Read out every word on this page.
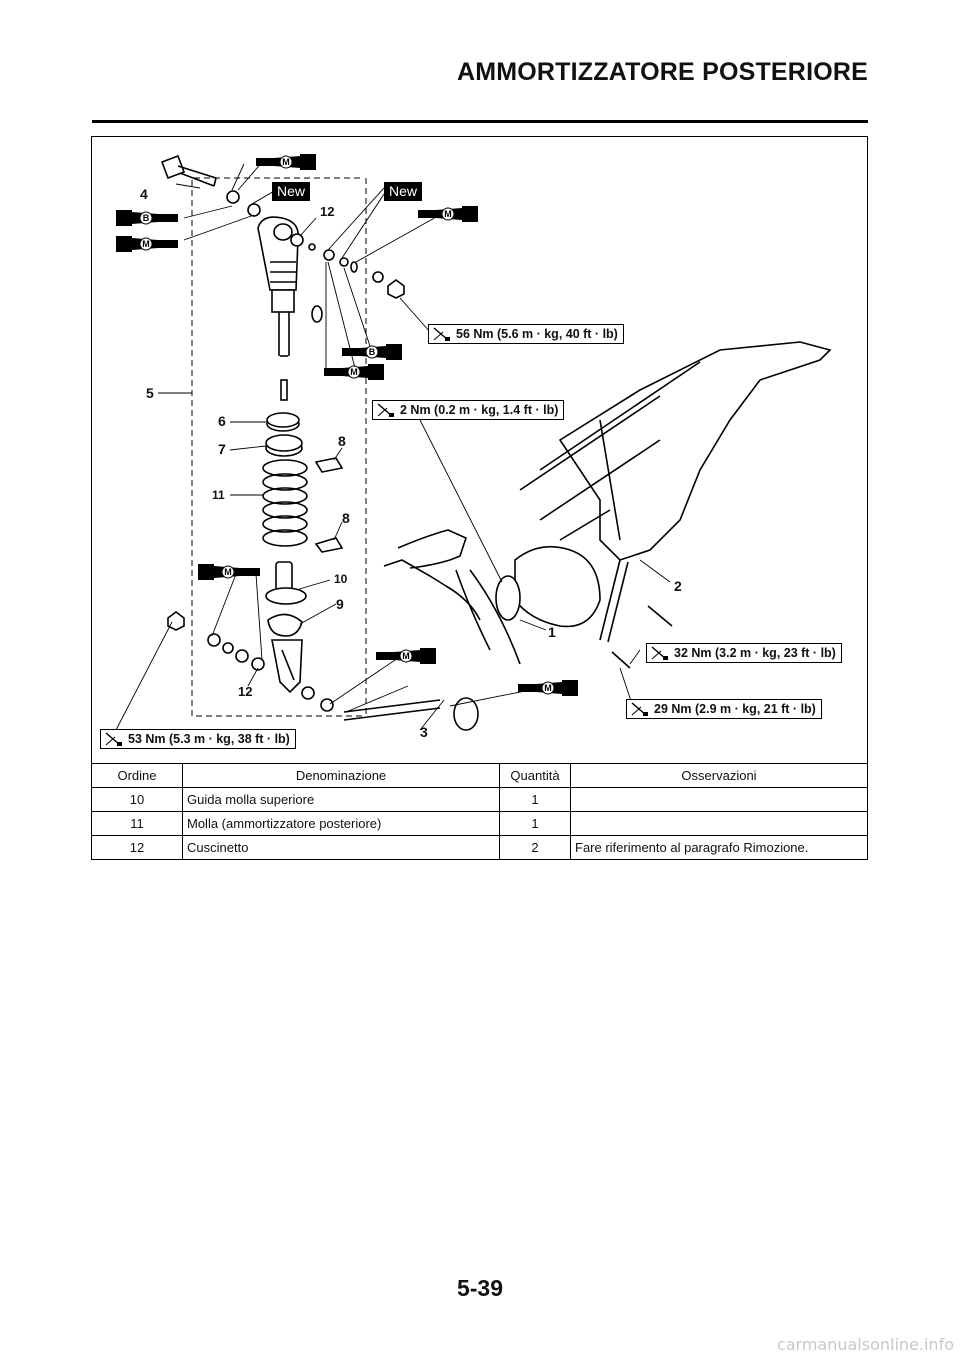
AMMORTIZZATORE POSTERIORE
4
12
5
6
7	8
11
8
10
9
12
3
1
2
New	New
M
B
M
M
B
M
M
M
M
56 Nm (5.6 m · kg, 40 ft · lb)
2 Nm (0.2 m · kg, 1.4 ft · lb)
32 Nm (3.2 m · kg, 23 ft · lb)
29 Nm (2.9 m · kg, 21 ft · lb)
53 Nm (5.3 m · kg, 38 ft · lb)
Ordine	Denominazione	Quantità	Osservazioni
10	Guida molla superiore	1	
11	Molla (ammortizzatore posteriore)	1	
12	Cuscinetto	2	Fare riferimento al paragrafo Rimozione.
5-39
carmanualsonline.info
